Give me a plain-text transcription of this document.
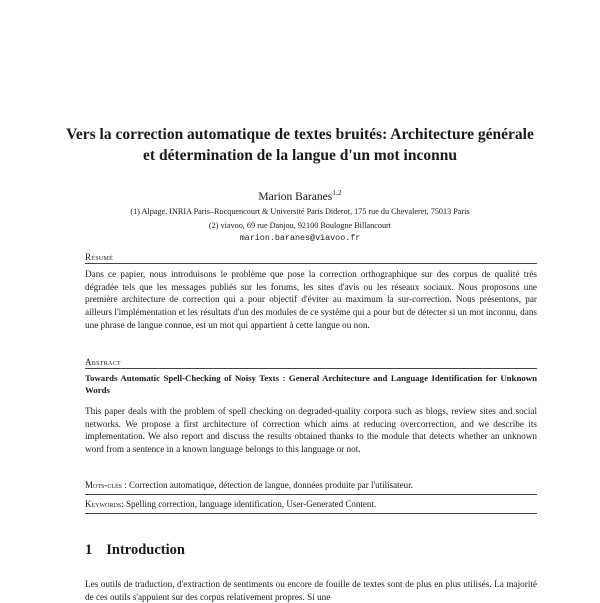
Vers la correction automatique de textes bruités: Architecture générale et détermination de la langue d'un mot inconnu
Marion Baranes$^{1,2}$
(1) Alpage, INRIA Paris–Rocquencourt & Université Paris Diderot, 175 rue du Chevaleret, 75013 Paris
(2) viavoo, 69 rue Danjou, 92100 Boulogne Billancourt
marion.baranes@viavoo.fr
Résumé
Dans ce papier, nous introduisons le problème que pose la correction orthographique sur des corpus de qualité très dégradée tels que les messages publiés sur les forums, les sites d'avis ou les réseaux sociaux. Nous proposons une première architecture de correction qui a pour objectif d'éviter au maximum la sur-correction. Nous présentons, par ailleurs l'implémentation et les résultats d'un des modules de ce système qui a pour but de détecter si un mot inconnu, dans une phrase de langue connue, est un mot qui appartient à cette langue ou non.
Abstract
Towards Automatic Spell-Checking of Noisy Texts : General Architecture and Language Identification for Unknown Words
This paper deals with the problem of spell checking on degraded-quality corpora such as blogs, review sites and social networks. We propose a first architecture of correction which aims at reducing overcorrection, and we describe its implementation. We also report and discuss the results obtained thanks to the module that detects whether an unknown word from a sentence in a known language belongs to this language or not.
Mots-clés : Correction automatique, détection de langue, données produite par l'utilisateur.
Keywords: Spelling correction, language identification, User-Generated Content.
1 Introduction
Les outils de traduction, d'extraction de sentiments ou encore de fouille de textes sont de plus en plus utilisés. La majorité de ces outils s'appuient sur des corpus relativement propres. Si une
